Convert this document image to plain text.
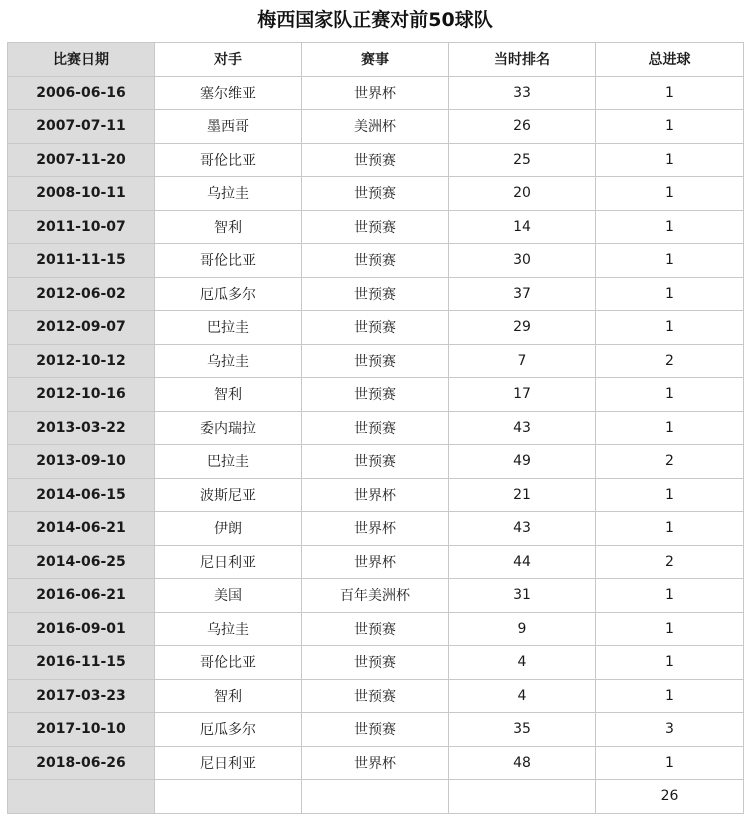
梅西国家队正赛对前50球队
比赛日期	对手	赛事	当时排名	总进球
2006-06-16	塞尔维亚	世界杯	33	1
2007-07-11	墨西哥	美洲杯	26	1
2007-11-20	哥伦比亚	世预赛	25	1
2008-10-11	乌拉圭	世预赛	20	1
2011-10-07	智利	世预赛	14	1
2011-11-15	哥伦比亚	世预赛	30	1
2012-06-02	厄瓜多尔	世预赛	37	1
2012-09-07	巴拉圭	世预赛	29	1
2012-10-12	乌拉圭	世预赛	7	2
2012-10-16	智利	世预赛	17	1
2013-03-22	委内瑞拉	世预赛	43	1
2013-09-10	巴拉圭	世预赛	49	2
2014-06-15	波斯尼亚	世界杯	21	1
2014-06-21	伊朗	世界杯	43	1
2014-06-25	尼日利亚	世界杯	44	2
2016-06-21	美国	百年美洲杯	31	1
2016-09-01	乌拉圭	世预赛	9	1
2016-11-15	哥伦比亚	世预赛	4	1
2017-03-23	智利	世预赛	4	1
2017-10-10	厄瓜多尔	世预赛	35	3
2018-06-26	尼日利亚	世界杯	48	1
				26
